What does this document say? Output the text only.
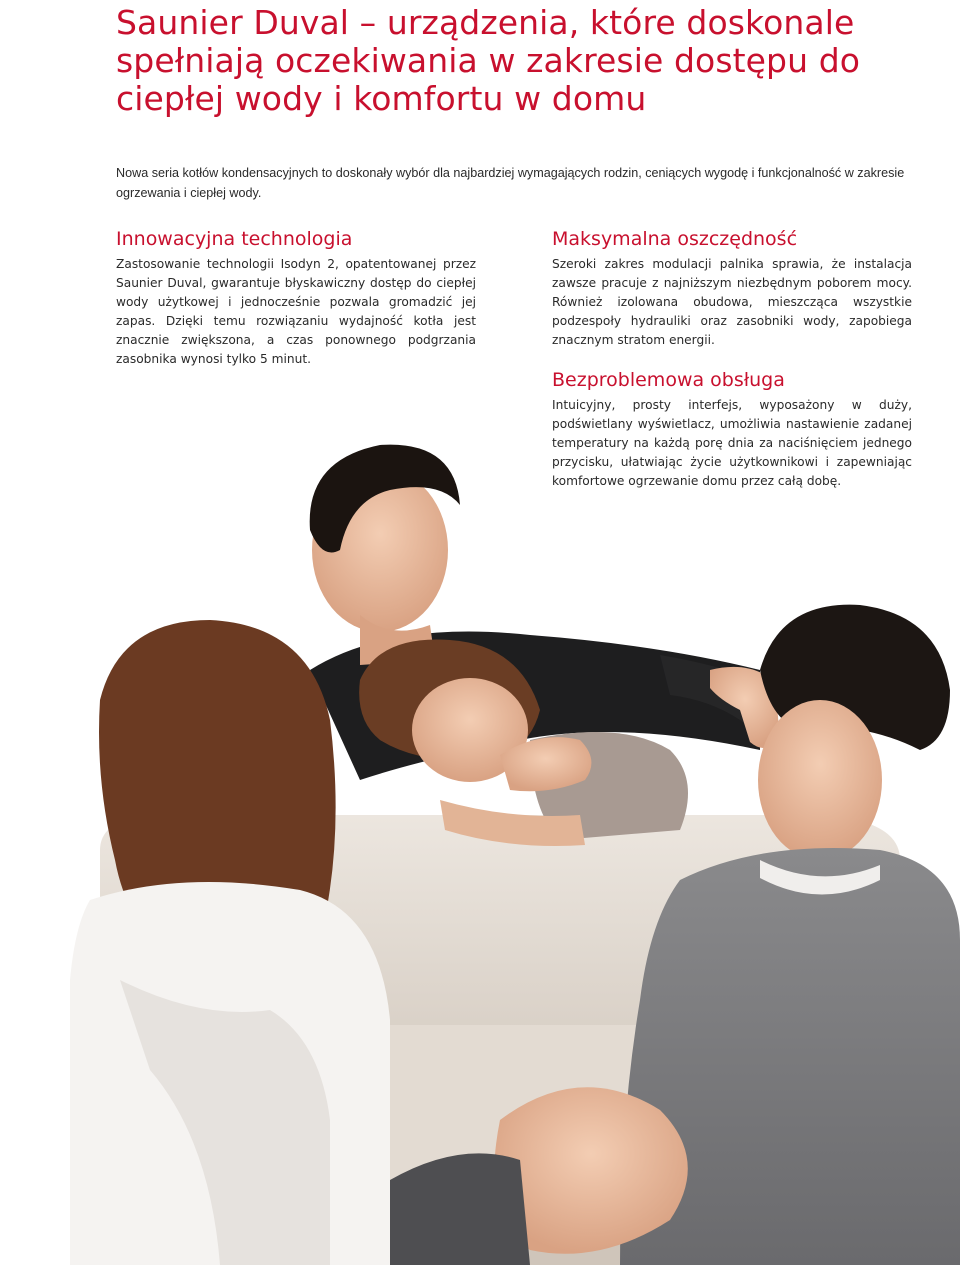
Saunier Duval – urządzenia, które doskonale spełniają oczekiwania w zakresie dostępu do ciepłej wody i komfortu w domu

Nowa seria kotłów kondensacyjnych to doskonały wybór dla najbardziej wymagających rodzin, ceniących wygodę i funkcjonalność w zakresie ogrzewania i ciepłej wody.

Innowacyjna technologia

Zastosowanie technologii Isodyn 2, opatentowanej przez Saunier Duval, gwarantuje błyskawiczny dostęp do ciepłej wody użytkowej i jednocześnie pozwala gromadzić jej zapas. Dzięki temu rozwiązaniu wydajność kotła jest znacznie zwiększona, a czas ponownego podgrzania zasobnika wynosi tylko 5 minut.

Maksymalna oszczędność

Szeroki zakres modulacji palnika sprawia, że instalacja zawsze pracuje z najniższym niezbędnym poborem mocy. Również izolowana obudowa, mieszcząca wszystkie podzespoły hydrauliki oraz zasobniki wody, zapobiega znacznym stratom energii.

Bezproblemowa obsługa

Intuicyjny, prosty interfejs, wyposażony w duży, podświetlany wyświetlacz, umożliwia nastawienie zadanej temperatury na każdą porę dnia za naciśnięciem jednego przycisku, ułatwiając życie użytkownikowi i zapewniając komfortowe ogrzewanie domu przez całą dobę.
